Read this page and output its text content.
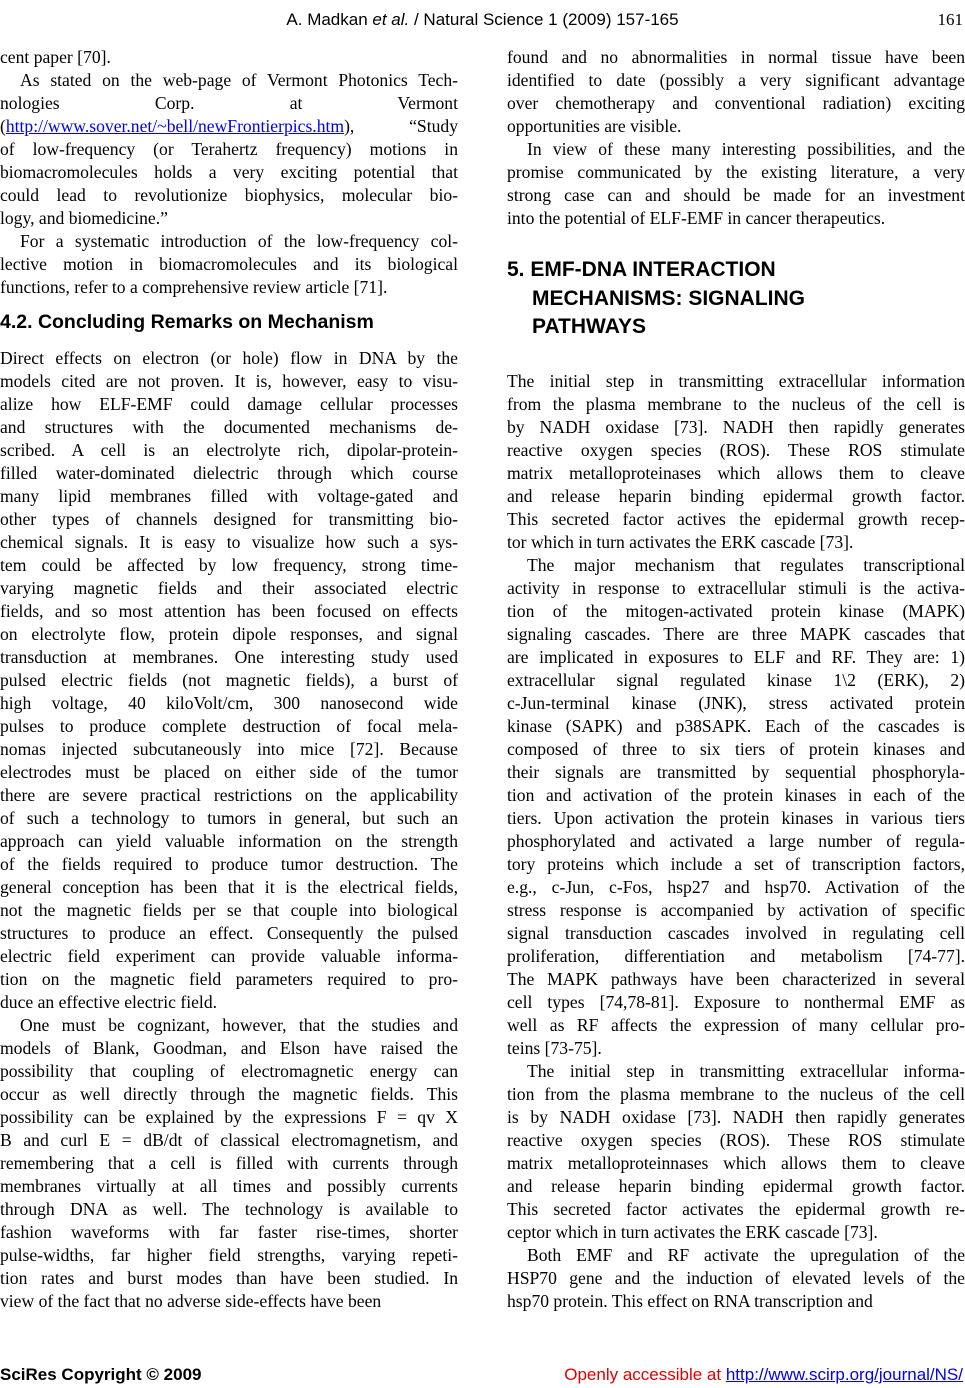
A. Madkan et al. / Natural Science 1 (2009) 157-165	161
cent paper [70].
As stated on the web-page of Vermont Photonics Tech-
nologies Corp. at Vermont
(http://www.sover.net/~bell/newFrontierpics.htm), “Study
of low-frequency (or Terahertz frequency) motions in
biomacromolecules holds a very exciting potential that
could lead to revolutionize biophysics, molecular bio-
logy, and biomedicine.”
For a systematic introduction of the low-frequency col-
lective motion in biomacromolecules and its biological
functions, refer to a comprehensive review article [71].
4.2. Concluding Remarks on Mechanism
Direct effects on electron (or hole) flow in DNA by the
models cited are not proven. It is, however, easy to visu-
alize how ELF-EMF could damage cellular processes
and structures with the documented mechanisms de-
scribed. A cell is an electrolyte rich, dipolar-protein-
filled water-dominated dielectric through which course
many lipid membranes filled with voltage-gated and
other types of channels designed for transmitting bio-
chemical signals. It is easy to visualize how such a sys-
tem could be affected by low frequency, strong time-
varying magnetic fields and their associated electric
fields, and so most attention has been focused on effects
on electrolyte flow, protein dipole responses, and signal
transduction at membranes. One interesting study used
pulsed electric fields (not magnetic fields), a burst of
high voltage, 40 kiloVolt/cm, 300 nanosecond wide
pulses to produce complete destruction of focal mela-
nomas injected subcutaneously into mice [72]. Because
electrodes must be placed on either side of the tumor
there are severe practical restrictions on the applicability
of such a technology to tumors in general, but such an
approach can yield valuable information on the strength
of the fields required to produce tumor destruction. The
general conception has been that it is the electrical fields,
not the magnetic fields per se that couple into biological
structures to produce an effect. Consequently the pulsed
electric field experiment can provide valuable informa-
tion on the magnetic field parameters required to pro-
duce an effective electric field.
One must be cognizant, however, that the studies and
models of Blank, Goodman, and Elson have raised the
possibility that coupling of electromagnetic energy can
occur as well directly through the magnetic fields. This
possibility can be explained by the expressions F = qv X
B and curl E = dB/dt of classical electromagnetism, and
remembering that a cell is filled with currents through
membranes virtually at all times and possibly currents
through DNA as well. The technology is available to
fashion waveforms with far faster rise-times, shorter
pulse-widths, far higher field strengths, varying repeti-
tion rates and burst modes than have been studied. In
view of the fact that no adverse side-effects have been
found and no abnormalities in normal tissue have been
identified to date (possibly a very significant advantage
over chemotherapy and conventional radiation) exciting
opportunities are visible.
In view of these many interesting possibilities, and the
promise communicated by the existing literature, a very
strong case can and should be made for an investment
into the potential of ELF-EMF in cancer therapeutics.
5. EMF-DNA INTERACTION
MECHANISMS: SIGNALING
PATHWAYS
The initial step in transmitting extracellular information
from the plasma membrane to the nucleus of the cell is
by NADH oxidase [73]. NADH then rapidly generates
reactive oxygen species (ROS). These ROS stimulate
matrix metalloproteinases which allows them to cleave
and release heparin binding epidermal growth factor.
This secreted factor actives the epidermal growth recep-
tor which in turn activates the ERK cascade [73].
The major mechanism that regulates transcriptional
activity in response to extracellular stimuli is the activa-
tion of the mitogen-activated protein kinase (MAPK)
signaling cascades. There are three MAPK cascades that
are implicated in exposures to ELF and RF. They are: 1)
extracellular signal regulated kinase 1\2 (ERK), 2)
c-Jun-terminal kinase (JNK), stress activated protein
kinase (SAPK) and p38SAPK. Each of the cascades is
composed of three to six tiers of protein kinases and
their signals are transmitted by sequential phosphoryla-
tion and activation of the protein kinases in each of the
tiers. Upon activation the protein kinases in various tiers
phosphorylated and activated a large number of regula-
tory proteins which include a set of transcription factors,
e.g., c-Jun, c-Fos, hsp27 and hsp70. Activation of the
stress response is accompanied by activation of specific
signal transduction cascades involved in regulating cell
proliferation, differentiation and metabolism [74-77].
The MAPK pathways have been characterized in several
cell types [74,78-81]. Exposure to nonthermal EMF as
well as RF affects the expression of many cellular pro-
teins [73-75].
The initial step in transmitting extracellular informa-
tion from the plasma membrane to the nucleus of the cell
is by NADH oxidase [73]. NADH then rapidly generates
reactive oxygen species (ROS). These ROS stimulate
matrix metalloproteinnases which allows them to cleave
and release heparin binding epidermal growth factor.
This secreted factor activates the epidermal growth re-
ceptor which in turn activates the ERK cascade [73].
Both EMF and RF activate the upregulation of the
HSP70 gene and the induction of elevated levels of the
hsp70 protein. This effect on RNA transcription and
SciRes Copyright © 2009	Openly accessible at http://www.scirp.org/journal/NS/
